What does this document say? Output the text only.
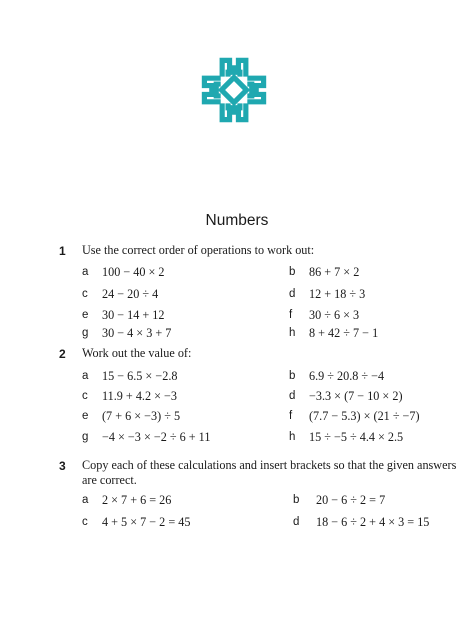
Numbers
1 Use the correct order of operations to work out:
a 100 − 40 × 2	b 86 + 7 × 2
c 24 − 20 ÷ 4	d 12 + 18 ÷ 3
e 30 − 14 + 12	f 30 ÷ 6 × 3
g 30 − 4 × 3 + 7	h 8 + 42 ÷ 7 − 1
2 Work out the value of:
a 15 − 6.5 × −2.8	b 6.9 ÷ 20.8 ÷ −4
c 11.9 + 4.2 × −3	d −3.3 × (7 − 10 × 2)
e (7 + 6 × −3) ÷ 5	f (7.7 − 5.3) × (21 ÷ −7)
g −4 × −3 × −2 ÷ 6 + 11	h 15 ÷ −5 ÷ 4.4 × 2.5
3 Copy each of these calculations and insert brackets so that the given answers are correct.
a 2 × 7 + 6 = 26	b 20 − 6 ÷ 2 = 7
c 4 + 5 × 7 − 2 = 45	d 18 − 6 ÷ 2 + 4 × 3 = 15
